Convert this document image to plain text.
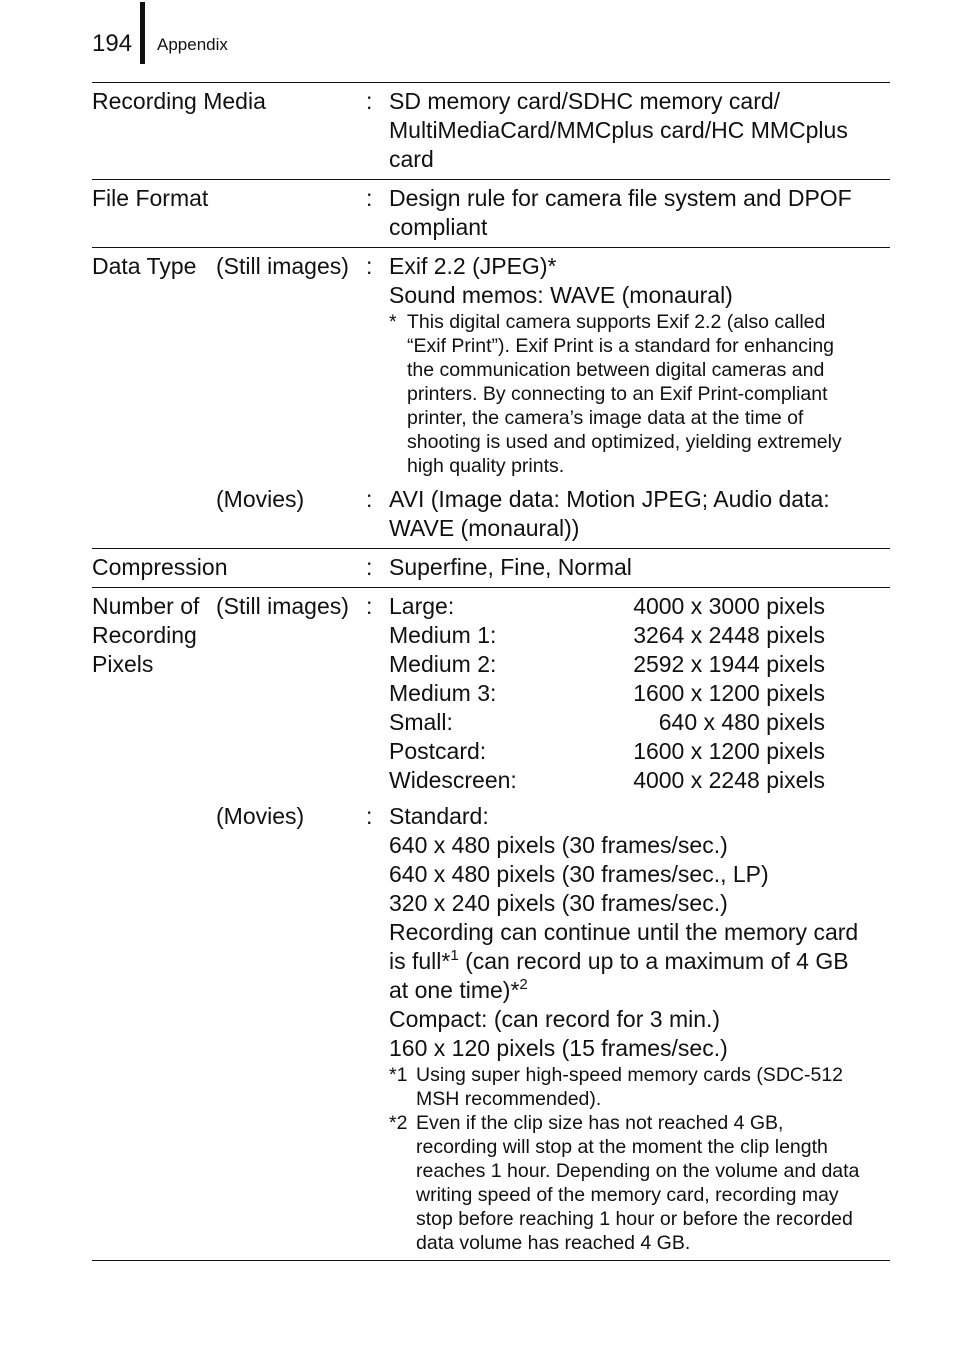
194 Appendix
Recording Media	: SD memory card/SDHC memory card/
MultiMediaCard/MMCplus card/HC MMCplus
card
File Format	: Design rule for camera file system and DPOF
compliant
Data Type (Still images) : Exif 2.2 (JPEG)*
Sound memos: WAVE (monaural)
* This digital camera supports Exif 2.2 (also called
“Exif Print”). Exif Print is a standard for enhancing
the communication between digital cameras and
printers. By connecting to an Exif Print-compliant
printer, the camera’s image data at the time of
shooting is used and optimized, yielding extremely
high quality prints.
(Movies)	: AVI (Image data: Motion JPEG; Audio data:
WAVE (monaural))
Compression	: Superfine, Fine, Normal
Number of
Recording
Pixels
(Still images) : Large:	4000 x 3000 pixels
Medium 1:	3264 x 2448 pixels
Medium 2:	2592 x 1944 pixels
Medium 3:	1600 x 1200 pixels
Small:	640 x 480 pixels
Postcard:	1600 x 1200 pixels
Widescreen:	4000 x 2248 pixels
(Movies)	: Standard:
640 x 480 pixels (30 frames/sec.)
640 x 480 pixels (30 frames/sec., LP)
320 x 240 pixels (30 frames/sec.)
Recording can continue until the memory card
is full*$^1$ (can record up to a maximum of 4 GB
at one time)*$^2$
Compact: (can record for 3 min.)
160 x 120 pixels (15 frames/sec.)
*1 Using super high-speed memory cards (SDC-512
MSH recommended).
*2 Even if the clip size has not reached 4 GB,
recording will stop at the moment the clip length
reaches 1 hour. Depending on the volume and data
writing speed of the memory card, recording may
stop before reaching 1 hour or before the recorded
data volume has reached 4 GB.
